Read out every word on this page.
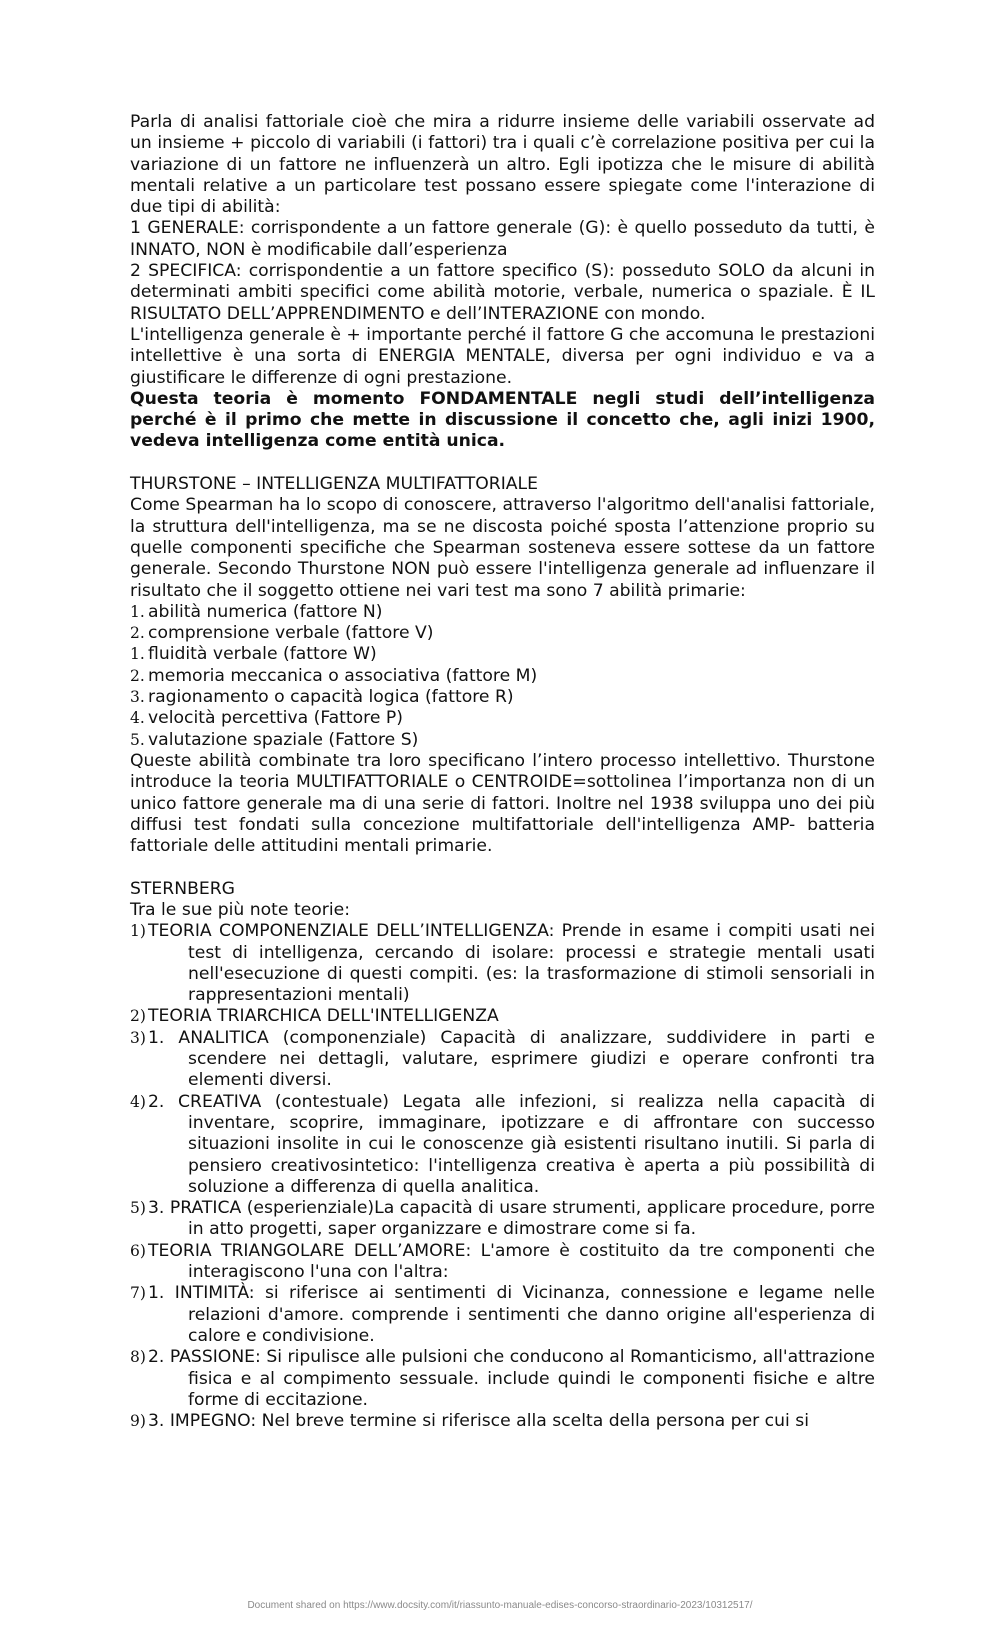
Parla di analisi fattoriale cioè che mira a ridurre insieme delle variabili osservate ad un insieme + piccolo di variabili (i fattori) tra i quali c’è correlazione positiva per cui la variazione di un fattore ne influenzerà un altro. Egli ipotizza che le misure di abilità mentali relative a un particolare test possano essere spiegate come l'interazione di due tipi di abilità:

1 GENERALE: corrispondente a un fattore generale (G): è quello posseduto da tutti, è INNATO, NON è modificabile dall’esperienza

2 SPECIFICA: corrispondentie a un fattore specifico (S): posseduto SOLO da alcuni in determinati ambiti specifici come abilità motorie, verbale, numerica o spaziale. È IL RISULTATO DELL’APPRENDIMENTO e dell’INTERAZIONE con mondo.

L'intelligenza generale è + importante perché il fattore G che accomuna le prestazioni intellettive è una sorta di ENERGIA MENTALE, diversa per ogni individuo e va a giustificare le differenze di ogni prestazione.

Questa teoria è momento FONDAMENTALE negli studi dell’intelligenza perché è il primo che mette in discussione il concetto che, agli inizi 1900, vedeva intelligenza come entità unica.

THURSTONE – INTELLIGENZA MULTIFATTORIALE

Come Spearman ha lo scopo di conoscere, attraverso l'algoritmo dell'analisi fattoriale, la struttura dell'intelligenza, ma se ne discosta poiché sposta l’attenzione proprio su quelle componenti specifiche che Spearman sosteneva essere sottese da un fattore generale. Secondo Thurstone NON può essere l'intelligenza generale ad influenzare il risultato che il soggetto ottiene nei vari test ma sono 7 abilità primarie:

1. abilità numerica (fattore N)
2. comprensione verbale (fattore V)
1. fluidità verbale (fattore W)
2. memoria meccanica o associativa (fattore M)
3. ragionamento o capacità logica (fattore R)
4. velocità percettiva (Fattore P)
5. valutazione spaziale (Fattore S)

Queste abilità combinate tra loro specificano l’intero processo intellettivo. Thurstone introduce la teoria MULTIFATTORIALE o CENTROIDE=sottolinea l’importanza non di un unico fattore generale ma di una serie di fattori. Inoltre nel 1938 sviluppa uno dei più diffusi test fondati sulla concezione multifattoriale dell'intelligenza AMP- batteria fattoriale delle attitudini mentali primarie.

STERNBERG

Tra le sue più note teorie:

1) TEORIA COMPONENZIALE DELL’INTELLIGENZA: Prende in esame i compiti usati nei test di intelligenza, cercando di isolare: processi e strategie mentali usati nell'esecuzione di questi compiti. (es: la trasformazione di stimoli sensoriali in rappresentazioni mentali)

2) TEORIA TRIARCHICA DELL'INTELLIGENZA

3) 1. ANALITICA (componenziale) Capacità di analizzare, suddividere in parti e scendere nei dettagli, valutare, esprimere giudizi e operare confronti tra elementi diversi.

4) 2. CREATIVA (contestuale) Legata alle infezioni, si realizza nella capacità di inventare, scoprire, immaginare, ipotizzare e di affrontare con successo situazioni insolite in cui le conoscenze già esistenti risultano inutili. Si parla di pensiero creativosintetico: l'intelligenza creativa è aperta a più possibilità di soluzione a differenza di quella analitica.

5) 3. PRATICA (esperienziale)La capacità di usare strumenti, applicare procedure, porre in atto progetti, saper organizzare e dimostrare come si fa.

6) TEORIA TRIANGOLARE DELL’AMORE: L'amore è costituito da tre componenti che interagiscono l'una con l'altra:

7) 1. INTIMITÀ: si riferisce ai sentimenti di Vicinanza, connessione e legame nelle relazioni d'amore. comprende i sentimenti che danno origine all'esperienza di calore e condivisione.

8) 2. PASSIONE: Si ripulisce alle pulsioni che conducono al Romanticismo, all'attrazione fisica e al compimento sessuale. include quindi le componenti fisiche e altre forme di eccitazione.

9) 3. IMPEGNO: Nel breve termine si riferisce alla scelta della persona per cui si

Document shared on https://www.docsity.com/it/riassunto-manuale-edises-concorso-straordinario-2023/10312517/
